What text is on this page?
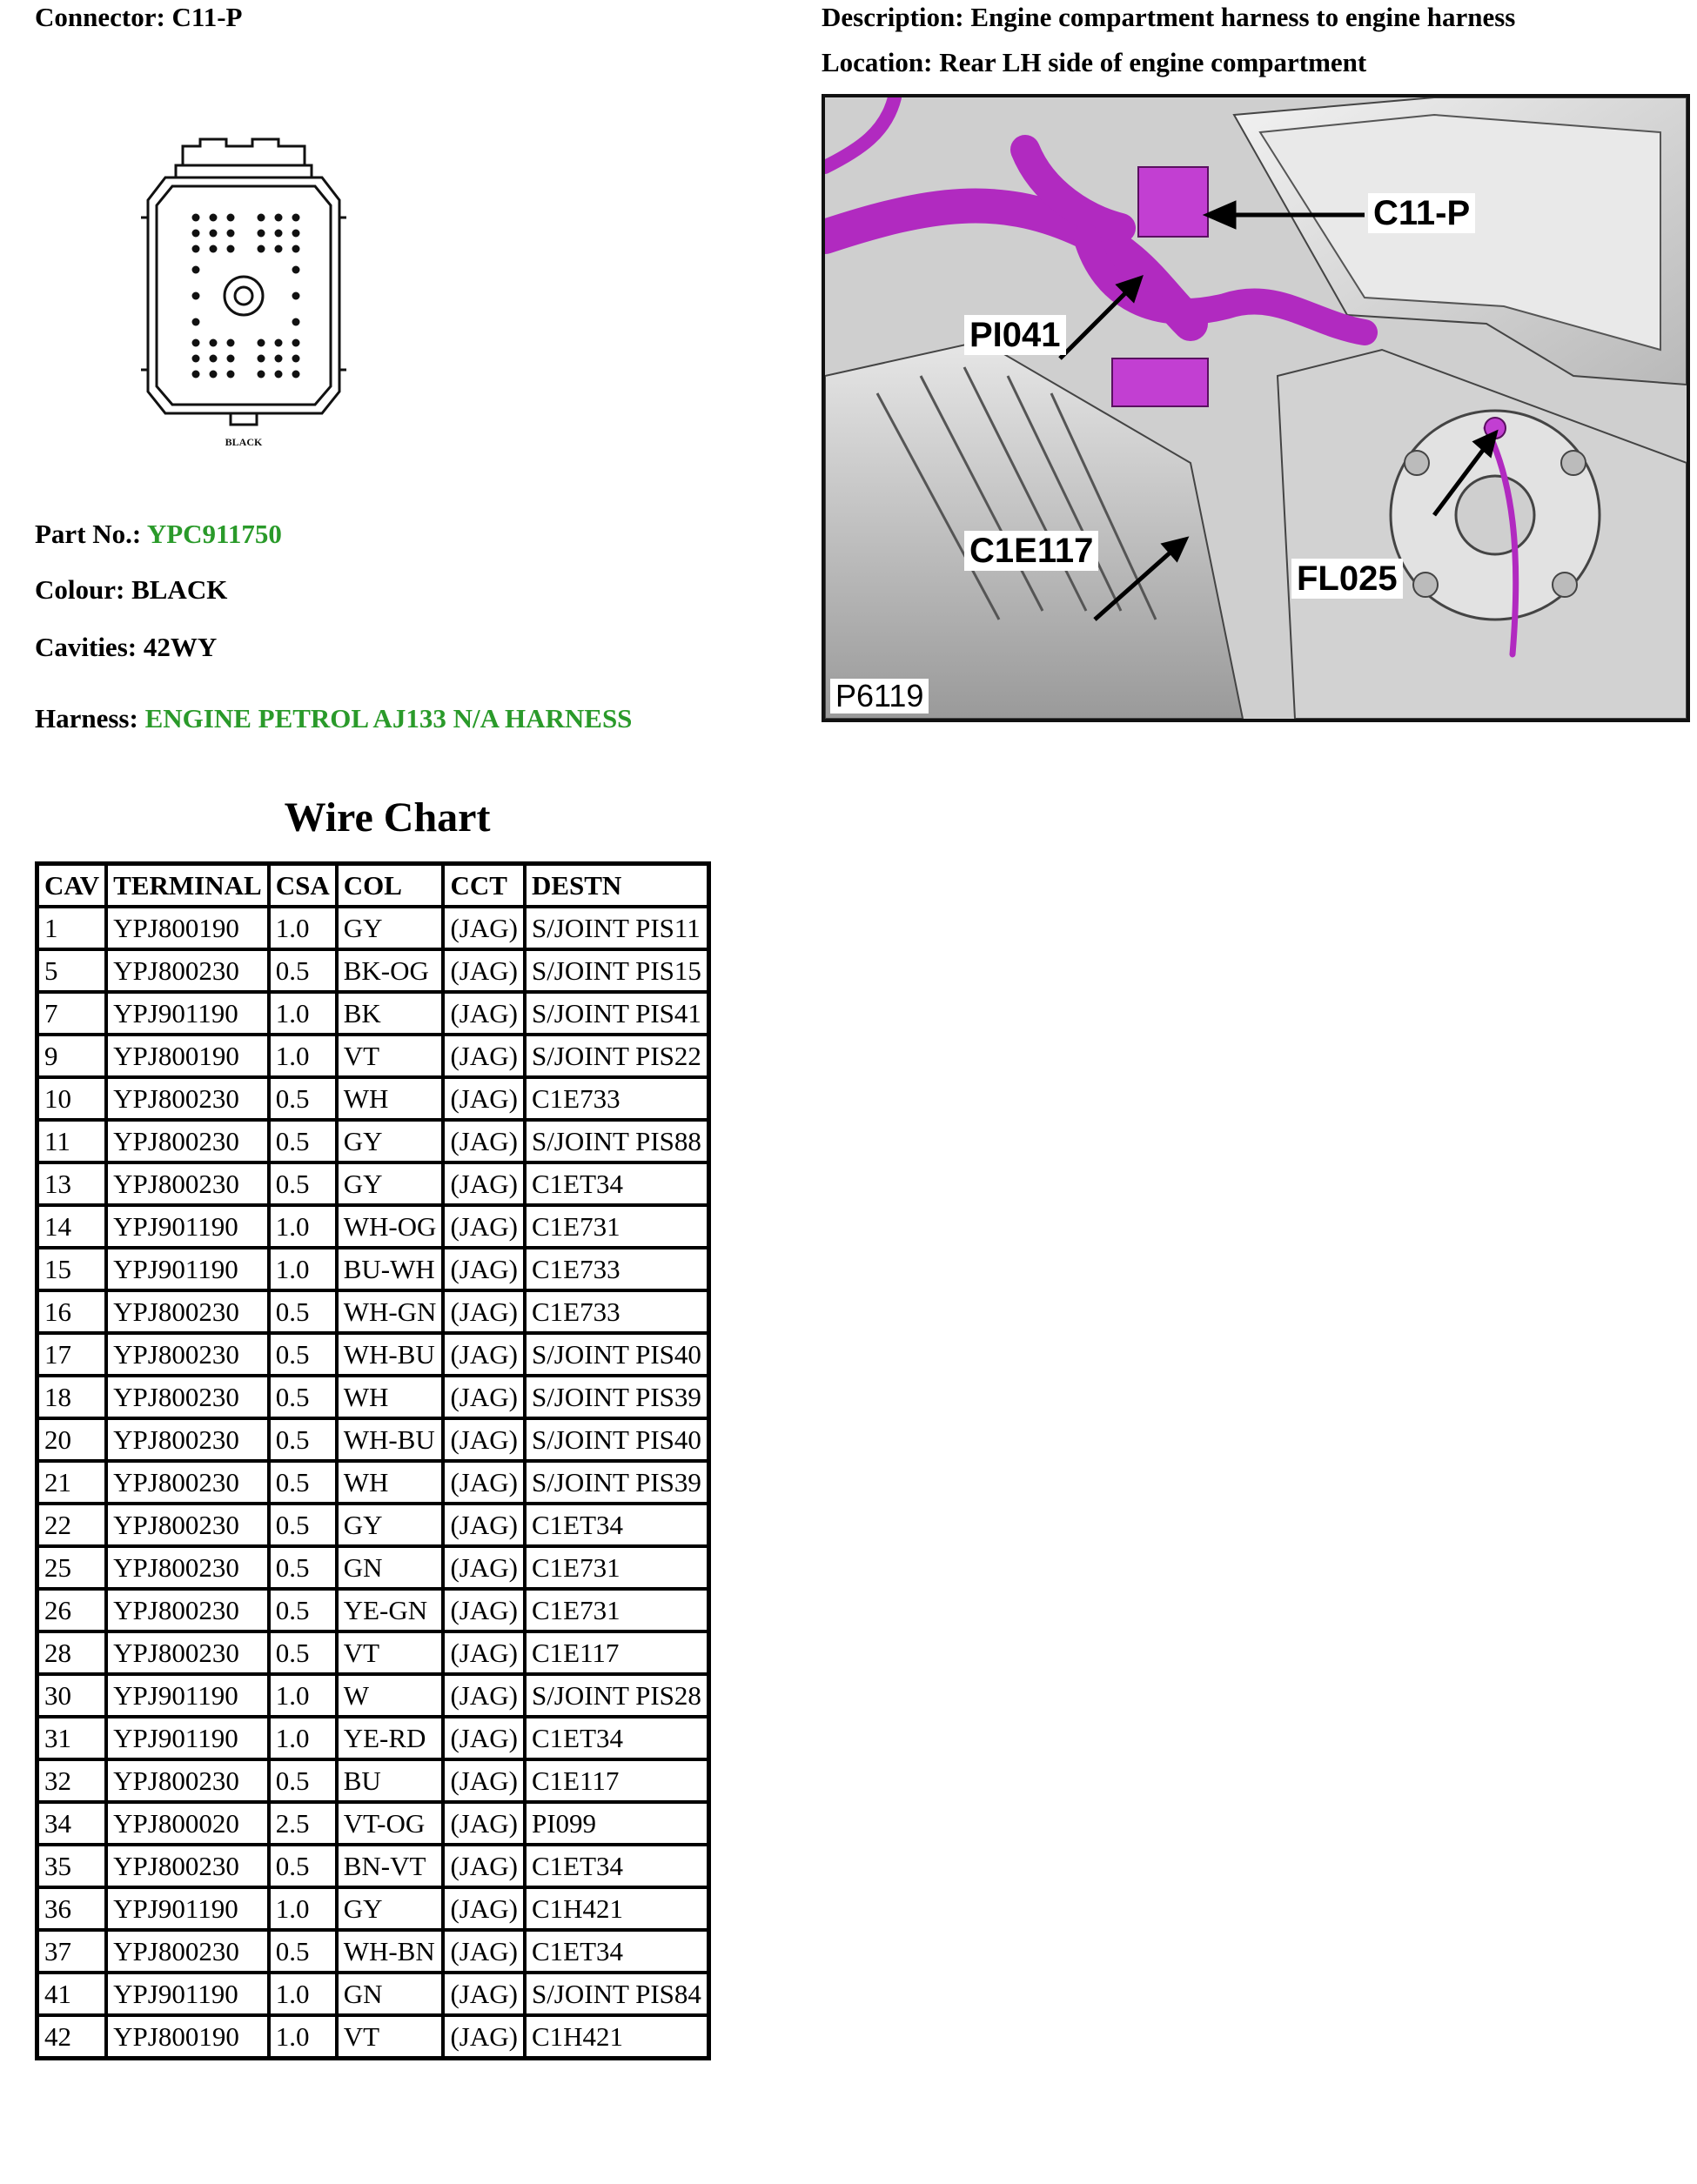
Connector: C11-P	Description: Engine compartment harness to engine harness
Location: Rear LH side of engine compartment
BLACK
Part No.: YPC911750
Colour: BLACK
Cavities: 42WY
Harness: ENGINE PETROL AJ133 N/A HARNESS
C11-P
PI041
C1E117
FL025
P6119
Wire Chart
CAV	TERMINAL	CSA	COL	CCT	DESTN
1	YPJ800190	1.0	GY	(JAG)	S/JOINT PIS11
5	YPJ800230	0.5	BK-OG	(JAG)	S/JOINT PIS15
7	YPJ901190	1.0	BK	(JAG)	S/JOINT PIS41
9	YPJ800190	1.0	VT	(JAG)	S/JOINT PIS22
10	YPJ800230	0.5	WH	(JAG)	C1E733
11	YPJ800230	0.5	GY	(JAG)	S/JOINT PIS88
13	YPJ800230	0.5	GY	(JAG)	C1ET34
14	YPJ901190	1.0	WH-OG	(JAG)	C1E731
15	YPJ901190	1.0	BU-WH	(JAG)	C1E733
16	YPJ800230	0.5	WH-GN	(JAG)	C1E733
17	YPJ800230	0.5	WH-BU	(JAG)	S/JOINT PIS40
18	YPJ800230	0.5	WH	(JAG)	S/JOINT PIS39
20	YPJ800230	0.5	WH-BU	(JAG)	S/JOINT PIS40
21	YPJ800230	0.5	WH	(JAG)	S/JOINT PIS39
22	YPJ800230	0.5	GY	(JAG)	C1ET34
25	YPJ800230	0.5	GN	(JAG)	C1E731
26	YPJ800230	0.5	YE-GN	(JAG)	C1E731
28	YPJ800230	0.5	VT	(JAG)	C1E117
30	YPJ901190	1.0	W	(JAG)	S/JOINT PIS28
31	YPJ901190	1.0	YE-RD	(JAG)	C1ET34
32	YPJ800230	0.5	BU	(JAG)	C1E117
34	YPJ800020	2.5	VT-OG	(JAG)	PI099
35	YPJ800230	0.5	BN-VT	(JAG)	C1ET34
36	YPJ901190	1.0	GY	(JAG)	C1H421
37	YPJ800230	0.5	WH-BN	(JAG)	C1ET34
41	YPJ901190	1.0	GN	(JAG)	S/JOINT PIS84
42	YPJ800190	1.0	VT	(JAG)	C1H421
